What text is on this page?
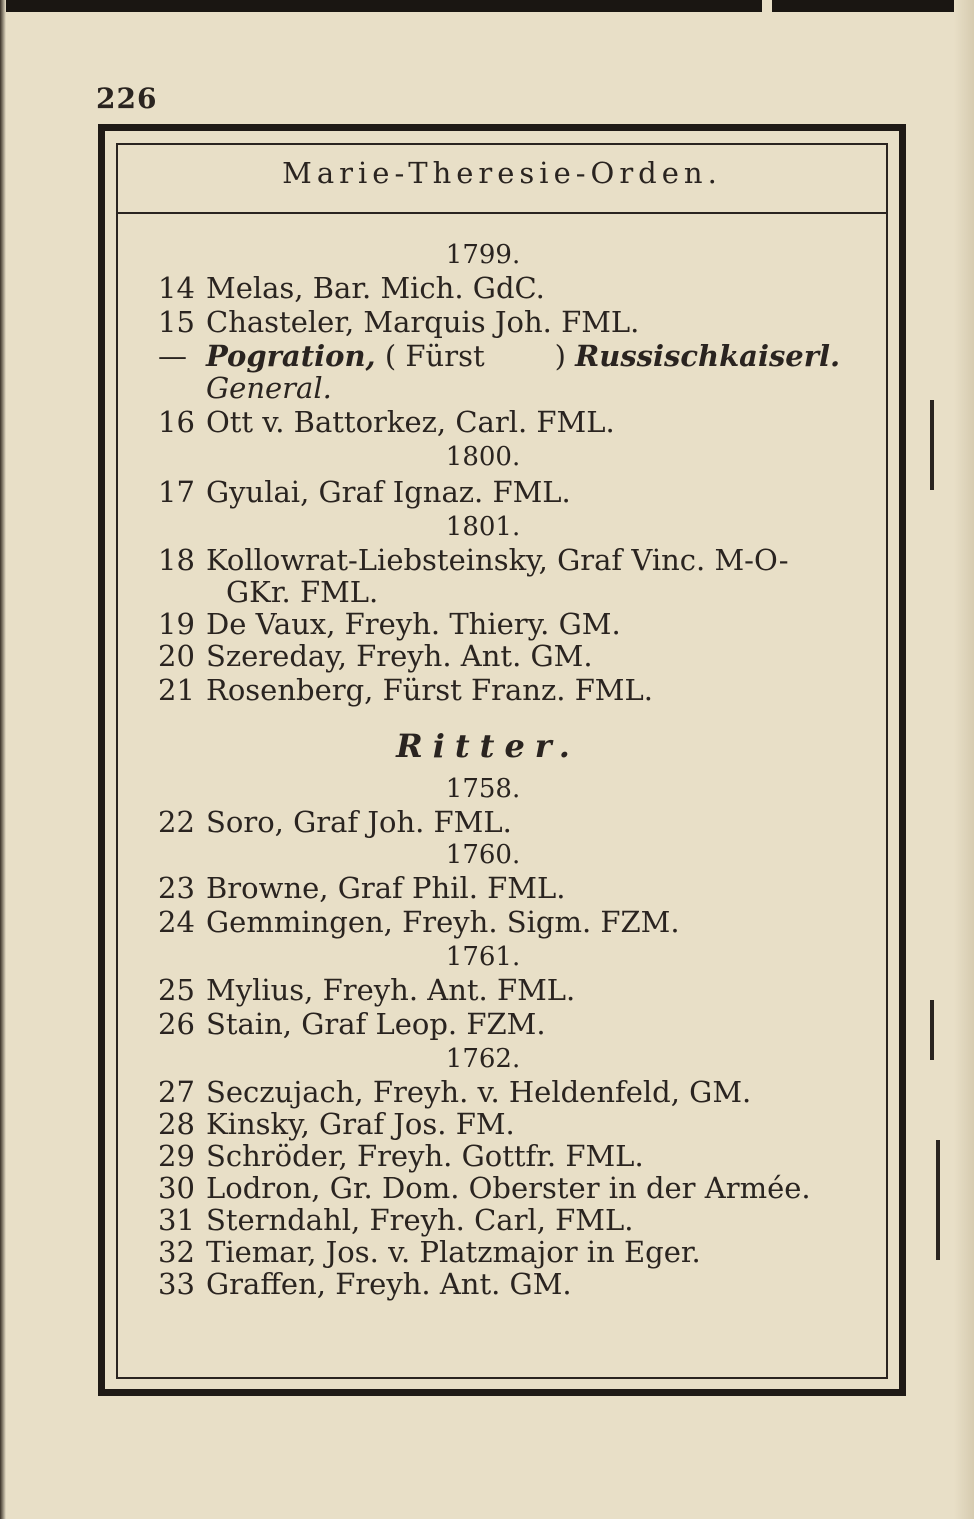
226
Marie-Theresie-Orden.
1799.
14 Melas, Bar. Mich. GdC.
15 Chasteler, Marquis Joh. FML.
— Pogration, ( Fürst ) Russischkaiserl.
General.
16 Ott v. Battorkez, Carl. FML.
1800.
17 Gyulai, Graf Ignaz. FML.
1801.
18 Kollowrat-Liebsteinsky, Graf Vinc. M-O-
GKr. FML.
19 De Vaux, Freyh. Thiery. GM.
20 Szereday, Freyh. Ant. GM.
21 Rosenberg, Fürst Franz. FML.
Ritter.
1758.
22 Soro, Graf Joh. FML.
1760.
23 Browne, Graf Phil. FML.
24 Gemmingen, Freyh. Sigm. FZM.
1761.
25 Mylius, Freyh. Ant. FML.
26 Stain, Graf Leop. FZM.
1762.
27 Seczujach, Freyh. v. Heldenfeld, GM.
28 Kinsky, Graf Jos. FM.
29 Schröder, Freyh. Gottfr. FML.
30 Lodron, Gr. Dom. Oberster in der Armée.
31 Sterndahl, Freyh. Carl, FML.
32 Tiemar, Jos. v. Platzmajor in Eger.
33 Graffen, Freyh. Ant. GM.
